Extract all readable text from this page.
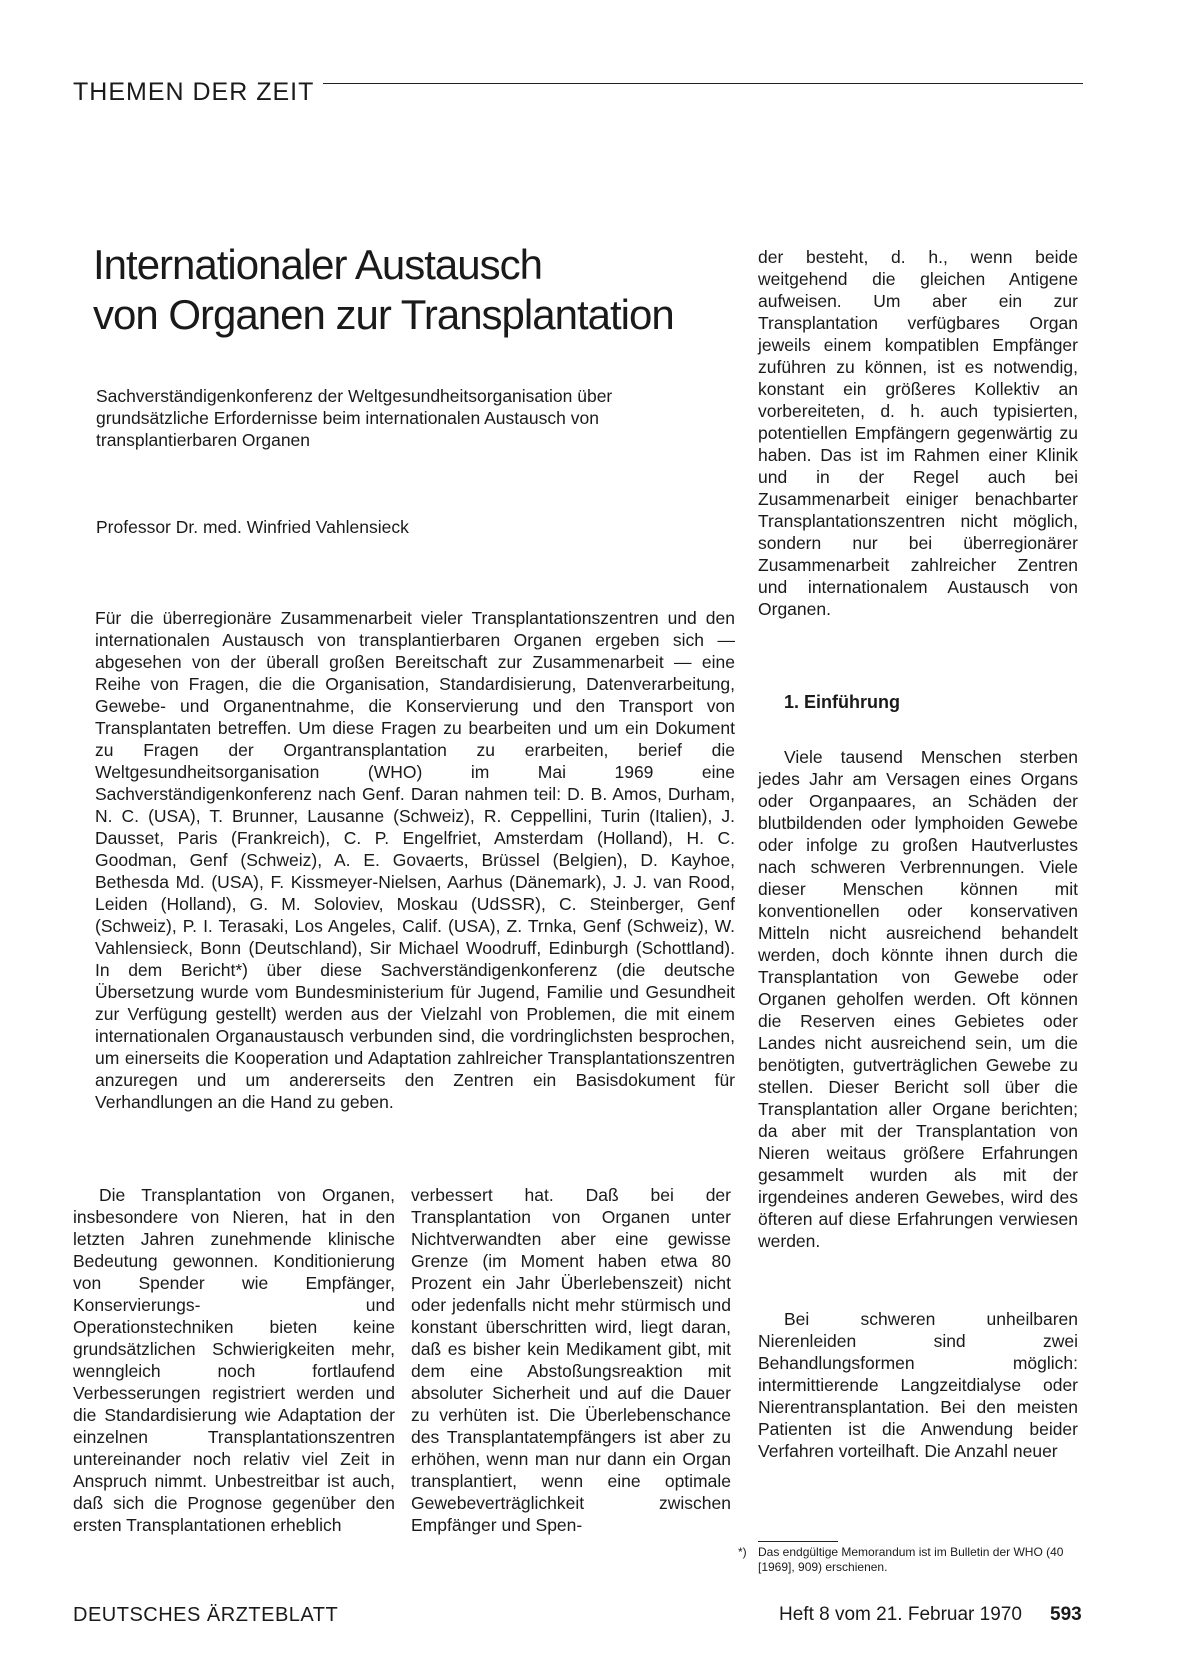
THEMEN DER ZEIT
Internationaler Austausch
von Organen zur Transplantation
Sachverständigenkonferenz der Weltgesundheitsorganisation über grundsätzliche Erfordernisse beim internationalen Austausch von transplantierbaren Organen
Professor Dr. med. Winfried Vahlensieck

Für die überregionäre Zusammenarbeit vieler Transplantationszentren und den internationalen Austausch von transplantierbaren Organen ergeben sich — abgesehen von der überall großen Bereitschaft zur Zusammenarbeit — eine Reihe von Fragen, die die Organisation, Standardisierung, Datenverarbeitung, Gewebe- und Organentnahme, die Konservierung und den Transport von Transplantaten betreffen. Um diese Fragen zu bearbeiten und um ein Dokument zu Fragen der Organtransplantation zu erarbeiten, berief die Weltgesundheitsorganisation (WHO) im Mai 1969 eine Sachverständigenkonferenz nach Genf. Daran nahmen teil: D. B. Amos, Durham, N. C. (USA), T. Brunner, Lausanne (Schweiz), R. Ceppellini, Turin (Italien), J. Dausset, Paris (Frankreich), C. P. Engelfriet, Amsterdam (Holland), H. C. Goodman, Genf (Schweiz), A. E. Govaerts, Brüssel (Belgien), D. Kayhoe, Bethesda Md. (USA), F. Kissmeyer-Nielsen, Aarhus (Dänemark), J. J. van Rood, Leiden (Holland), G. M. Soloviev, Moskau (UdSSR), C. Steinberger, Genf (Schweiz), P. I. Terasaki, Los Angeles, Calif. (USA), Z. Trnka, Genf (Schweiz), W. Vahlensieck, Bonn (Deutschland), Sir Michael Woodruff, Edinburgh (Schottland). In dem Bericht*) über diese Sachverständigenkonferenz (die deutsche Übersetzung wurde vom Bundesministerium für Jugend, Familie und Gesundheit zur Verfügung gestellt) werden aus der Vielzahl von Problemen, die mit einem internationalen Organaustausch verbunden sind, die vordringlichsten besprochen, um einerseits die Kooperation und Adaptation zahlreicher Transplantationszentren anzuregen und um andererseits den Zentren ein Basisdokument für Verhandlungen an die Hand zu geben.

Die Transplantation von Organen, insbesondere von Nieren, hat in den letzten Jahren zunehmende klinische Bedeutung gewonnen. Konditionierung von Spender wie Empfänger, Konservierungs- und Operationstechniken bieten keine grundsätzlichen Schwierigkeiten mehr, wenngleich noch fortlaufend Verbesserungen registriert werden und die Standardisierung wie Adaptation der einzelnen Transplantationszentren untereinander noch relativ viel Zeit in Anspruch nimmt. Unbestreitbar ist auch, daß sich die Prognose gegenüber den ersten Transplantationen erheblich

verbessert hat. Daß bei der Transplantation von Organen unter Nichtverwandten aber eine gewisse Grenze (im Moment haben etwa 80 Prozent ein Jahr Überlebenszeit) nicht oder jedenfalls nicht mehr stürmisch und konstant überschritten wird, liegt daran, daß es bisher kein Medikament gibt, mit dem eine Abstoßungsreaktion mit absoluter Sicherheit und auf die Dauer zu verhüten ist. Die Überlebenschance des Transplantatempfängers ist aber zu erhöhen, wenn man nur dann ein Organ transplantiert, wenn eine optimale Gewebeverträglichkeit zwischen Empfänger und Spen-

der besteht, d. h., wenn beide weitgehend die gleichen Antigene aufweisen. Um aber ein zur Transplantation verfügbares Organ jeweils einem kompatiblen Empfänger zuführen zu können, ist es notwendig, konstant ein größeres Kollektiv an vorbereiteten, d. h. auch typisierten, potentiellen Empfängern gegenwärtig zu haben. Das ist im Rahmen einer Klinik und in der Regel auch bei Zusammenarbeit einiger benachbarter Transplantationszentren nicht möglich, sondern nur bei überregionärer Zusammenarbeit zahlreicher Zentren und internationalem Austausch von Organen.

1. Einführung

Viele tausend Menschen sterben jedes Jahr am Versagen eines Organs oder Organpaares, an Schäden der blutbildenden oder lymphoiden Gewebe oder infolge zu großen Hautverlustes nach schweren Verbrennungen. Viele dieser Menschen können mit konventionellen oder konservativen Mitteln nicht ausreichend behandelt werden, doch könnte ihnen durch die Transplantation von Gewebe oder Organen geholfen werden. Oft können die Reserven eines Gebietes oder Landes nicht ausreichend sein, um die benötigten, gutverträglichen Gewebe zu stellen. Dieser Bericht soll über die Transplantation aller Organe berichten; da aber mit der Transplantation von Nieren weitaus größere Erfahrungen gesammelt wurden als mit der irgendeines anderen Gewebes, wird des öfteren auf diese Erfahrungen verwiesen werden.

Bei schweren unheilbaren Nierenleiden sind zwei Behandlungsformen möglich: intermittierende Langzeitdialyse oder Nierentransplantation. Bei den meisten Patienten ist die Anwendung beider Verfahren vorteilhaft. Die Anzahl neuer

*) Das endgültige Memorandum ist im Bulletin der WHO (40 [1969], 909) erschienen.
DEUTSCHES ÄRZTEBLATT	Heft 8 vom 21. Februar 1970 593
